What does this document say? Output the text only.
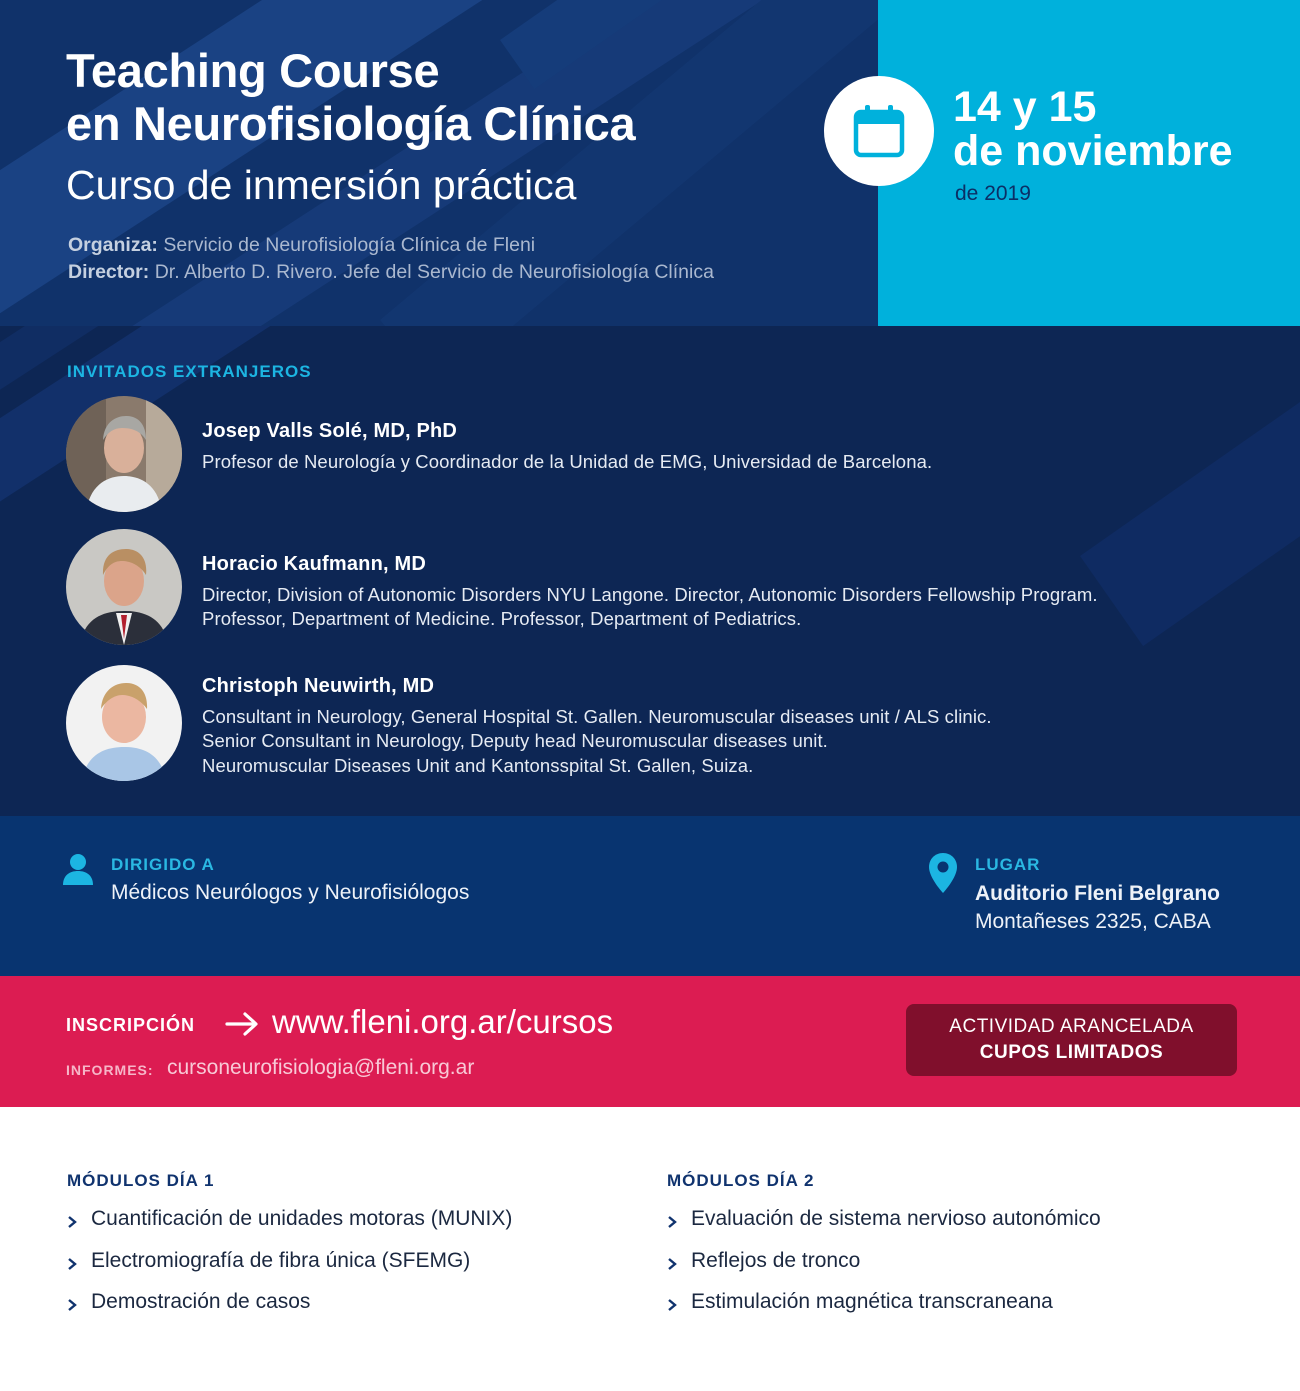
Teaching Course
en Neurofisiología Clínica
Curso de inmersión práctica
Organiza: Servicio de Neurofisiología Clínica de Fleni
Director: Dr. Alberto D. Rivero. Jefe del Servicio de Neurofisiología Clínica
14 y 15
de noviembre
de 2019
INVITADOS EXTRANJEROS
Josep Valls Solé, MD, PhD
Profesor de Neurología y Coordinador de la Unidad de EMG, Universidad de Barcelona.
Horacio Kaufmann, MD
Director, Division of Autonomic Disorders NYU Langone. Director, Autonomic Disorders Fellowship Program.
Professor, Department of Medicine. Professor, Department of Pediatrics.
Christoph Neuwirth, MD
Consultant in Neurology, General Hospital St. Gallen. Neuromuscular diseases unit / ALS clinic.
Senior Consultant in Neurology, Deputy head Neuromuscular diseases unit.
Neuromuscular Diseases Unit and Kantonsspital St. Gallen, Suiza.
DIRIGIDO A
Médicos Neurólogos y Neurofisiólogos
LUGAR
Auditorio Fleni Belgrano
Montañeses 2325, CABA
INSCRIPCIÓN www.fleni.org.ar/cursos
INFORMES: cursoneurofisiologia@fleni.org.ar
ACTIVIDAD ARANCELADA
CUPOS LIMITADOS
MÓDULOS DÍA 1
Cuantificación de unidades motoras (MUNIX)
Electromiografía de fibra única (SFEMG)
Demostración de casos
MÓDULOS DÍA 2
Evaluación de sistema nervioso autonómico
Reflejos de tronco
Estimulación magnética transcraneana
